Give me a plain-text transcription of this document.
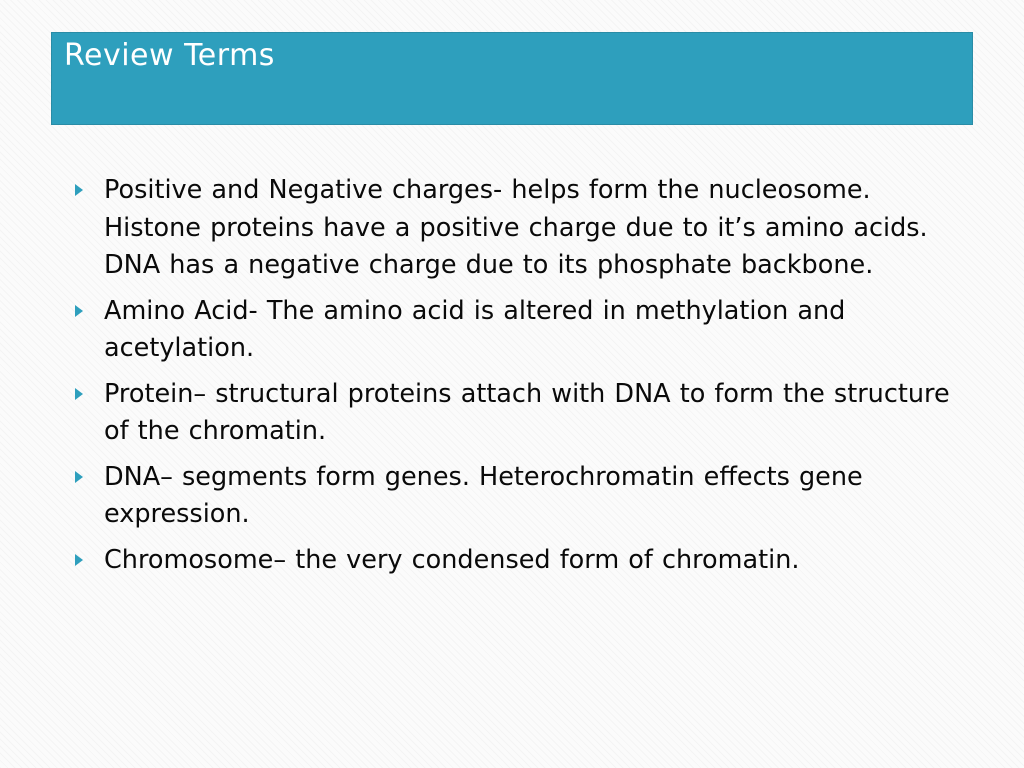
Review Terms
Positive and Negative charges- helps form the nucleosome. Histone proteins have a positive charge due to it’s amino acids. DNA has a negative charge due to its phosphate backbone.
Amino Acid- The amino acid is altered in methylation and acetylation.
Protein– structural proteins attach with DNA to form the structure of the chromatin.
DNA– segments form genes. Heterochromatin effects gene expression.
Chromosome– the very condensed form of chromatin.
